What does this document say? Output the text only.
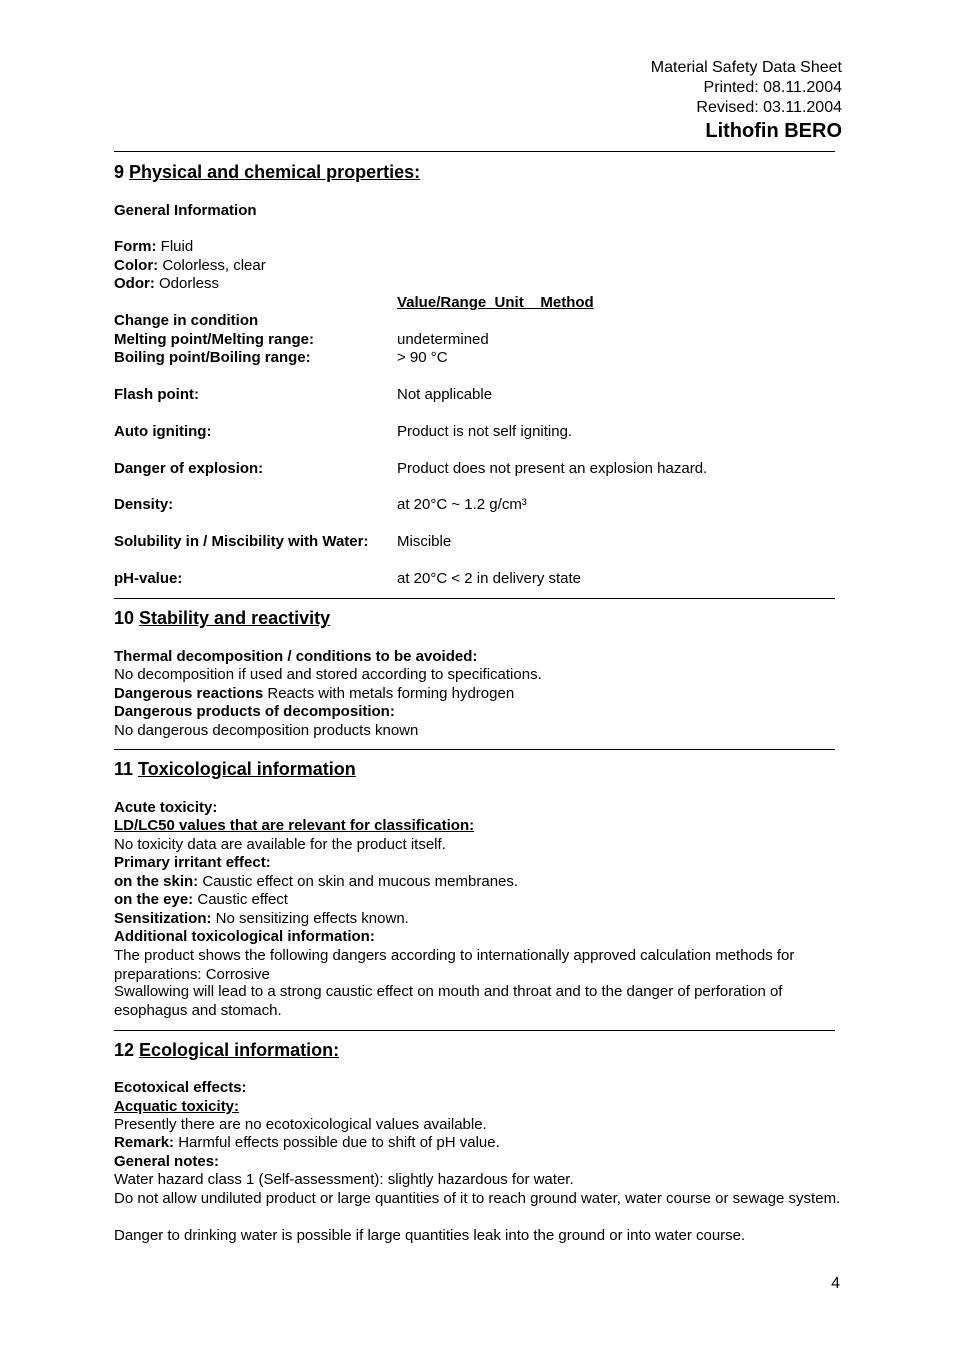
Material Safety Data Sheet
Printed: 08.11.2004
Revised: 03.11.2004
Lithofin BERO
9 Physical and chemical properties:
General Information
Form: Fluid
Color: Colorless, clear
Odor: Odorless
Value/Range  Unit    Method
Change in condition
Melting point/Melting range:	undetermined
Boiling point/Boiling range:	> 90 °C
Flash point:	Not applicable
Auto igniting:	Product is not self igniting.
Danger of explosion:	Product does not present an explosion hazard.
Density:	at 20°C ~ 1.2 g/cm³
Solubility in / Miscibility with Water: Miscible
pH-value:	at 20°C < 2 in delivery state
10 Stability and reactivity
Thermal decomposition / conditions to be avoided:
No decomposition if used and stored according to specifications.
Dangerous reactions Reacts with metals forming hydrogen
Dangerous products of decomposition:
No dangerous decomposition products known
11 Toxicological information
Acute toxicity:
LD/LC50 values that are relevant for classification:
No toxicity data are available for the product itself.
Primary irritant effect:
on the skin: Caustic effect on skin and mucous membranes.
on the eye: Caustic effect
Sensitization: No sensitizing effects known.
Additional toxicological information:
The product shows the following dangers according to internationally approved calculation methods for preparations: Corrosive
Swallowing will lead to a strong caustic effect on mouth and throat and to the danger of perforation of esophagus and stomach.
12 Ecological information:
Ecotoxical effects:
Acquatic toxicity:
Presently there are no ecotoxicological values available.
Remark: Harmful effects possible due to shift of pH value.
General notes:
Water hazard class 1 (Self-assessment): slightly hazardous for water.
Do not allow undiluted product or large quantities of it to reach ground water, water course or sewage system.
Danger to drinking water is possible if large quantities leak into the ground or into water course.
4
